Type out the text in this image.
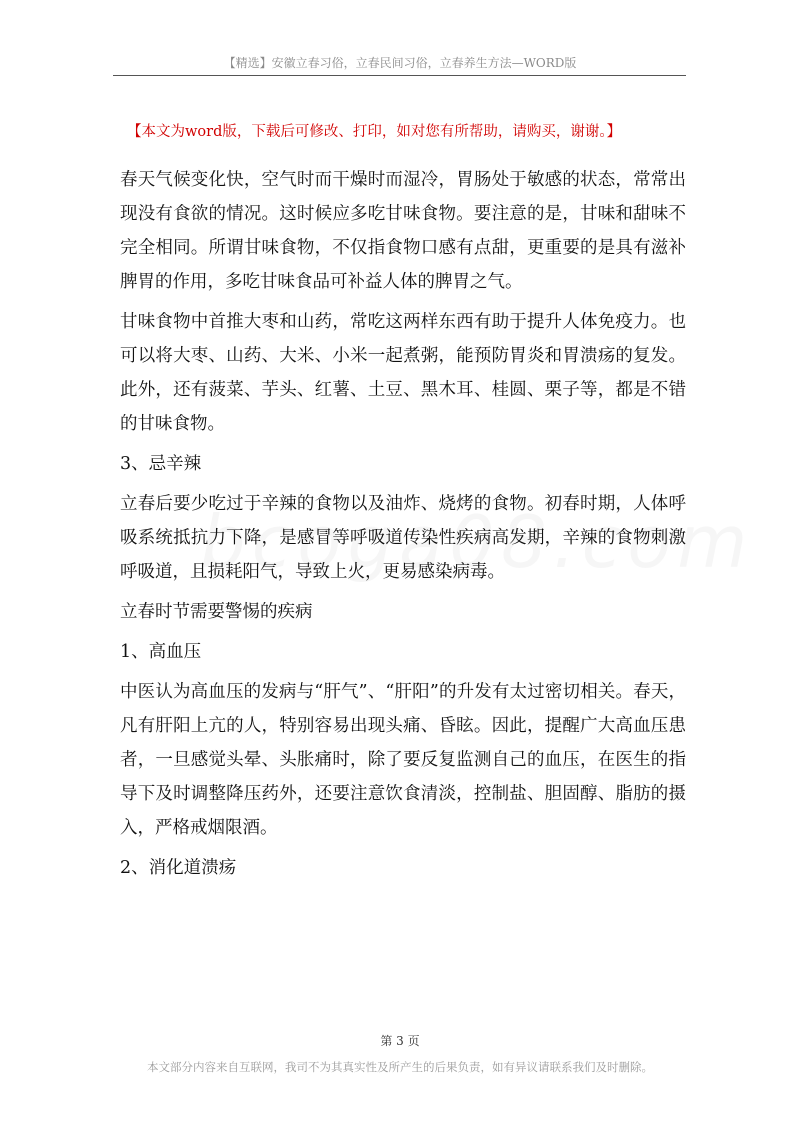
【精选】安徽立春习俗，立春民间习俗，立春养生方法—WORD版
【本文为word版，下载后可修改、打印，如对您有所帮助，请购买，谢谢。】

春天气候变化快，空气时而干燥时而湿冷，胃肠处于敏感的状态，常常出现没有食欲的情况。这时候应多吃甘味食物。要注意的是，甘味和甜味不完全相同。所谓甘味食物，不仅指食物口感有点甜，更重要的是具有滋补脾胃的作用，多吃甘味食品可补益人体的脾胃之气。

甘味食物中首推大枣和山药，常吃这两样东西有助于提升人体免疫力。也可以将大枣、山药、大米、小米一起煮粥，能预防胃炎和胃溃疡的复发。此外，还有菠菜、芋头、红薯、土豆、黑木耳、桂圆、栗子等，都是不错的甘味食物。

3、忌辛辣

立春后要少吃过于辛辣的食物以及油炸、烧烤的食物。初春时期，人体呼吸系统抵抗力下降，是感冒等呼吸道传染性疾病高发期，辛辣的食物刺激呼吸道，且损耗阳气，导致上火，更易感染病毒。

立春时节需要警惕的疾病

1、高血压

中医认为高血压的发病与“肝气”、“肝阳”的升发有太过密切相关。春天，凡有肝阳上亢的人，特别容易出现头痛、昏眩。因此，提醒广大高血压患者，一旦感觉头晕、头胀痛时，除了要反复监测自己的血压，在医生的指导下及时调整降压药外，还要注意饮食清淡，控制盐、胆固醇、脂肪的摄入，严格戒烟限酒。

2、消化道溃疡

第 3 页
本文部分内容来自互联网，我司不为其真实性及所产生的后果负责，如有异议请联系我们及时删除。
